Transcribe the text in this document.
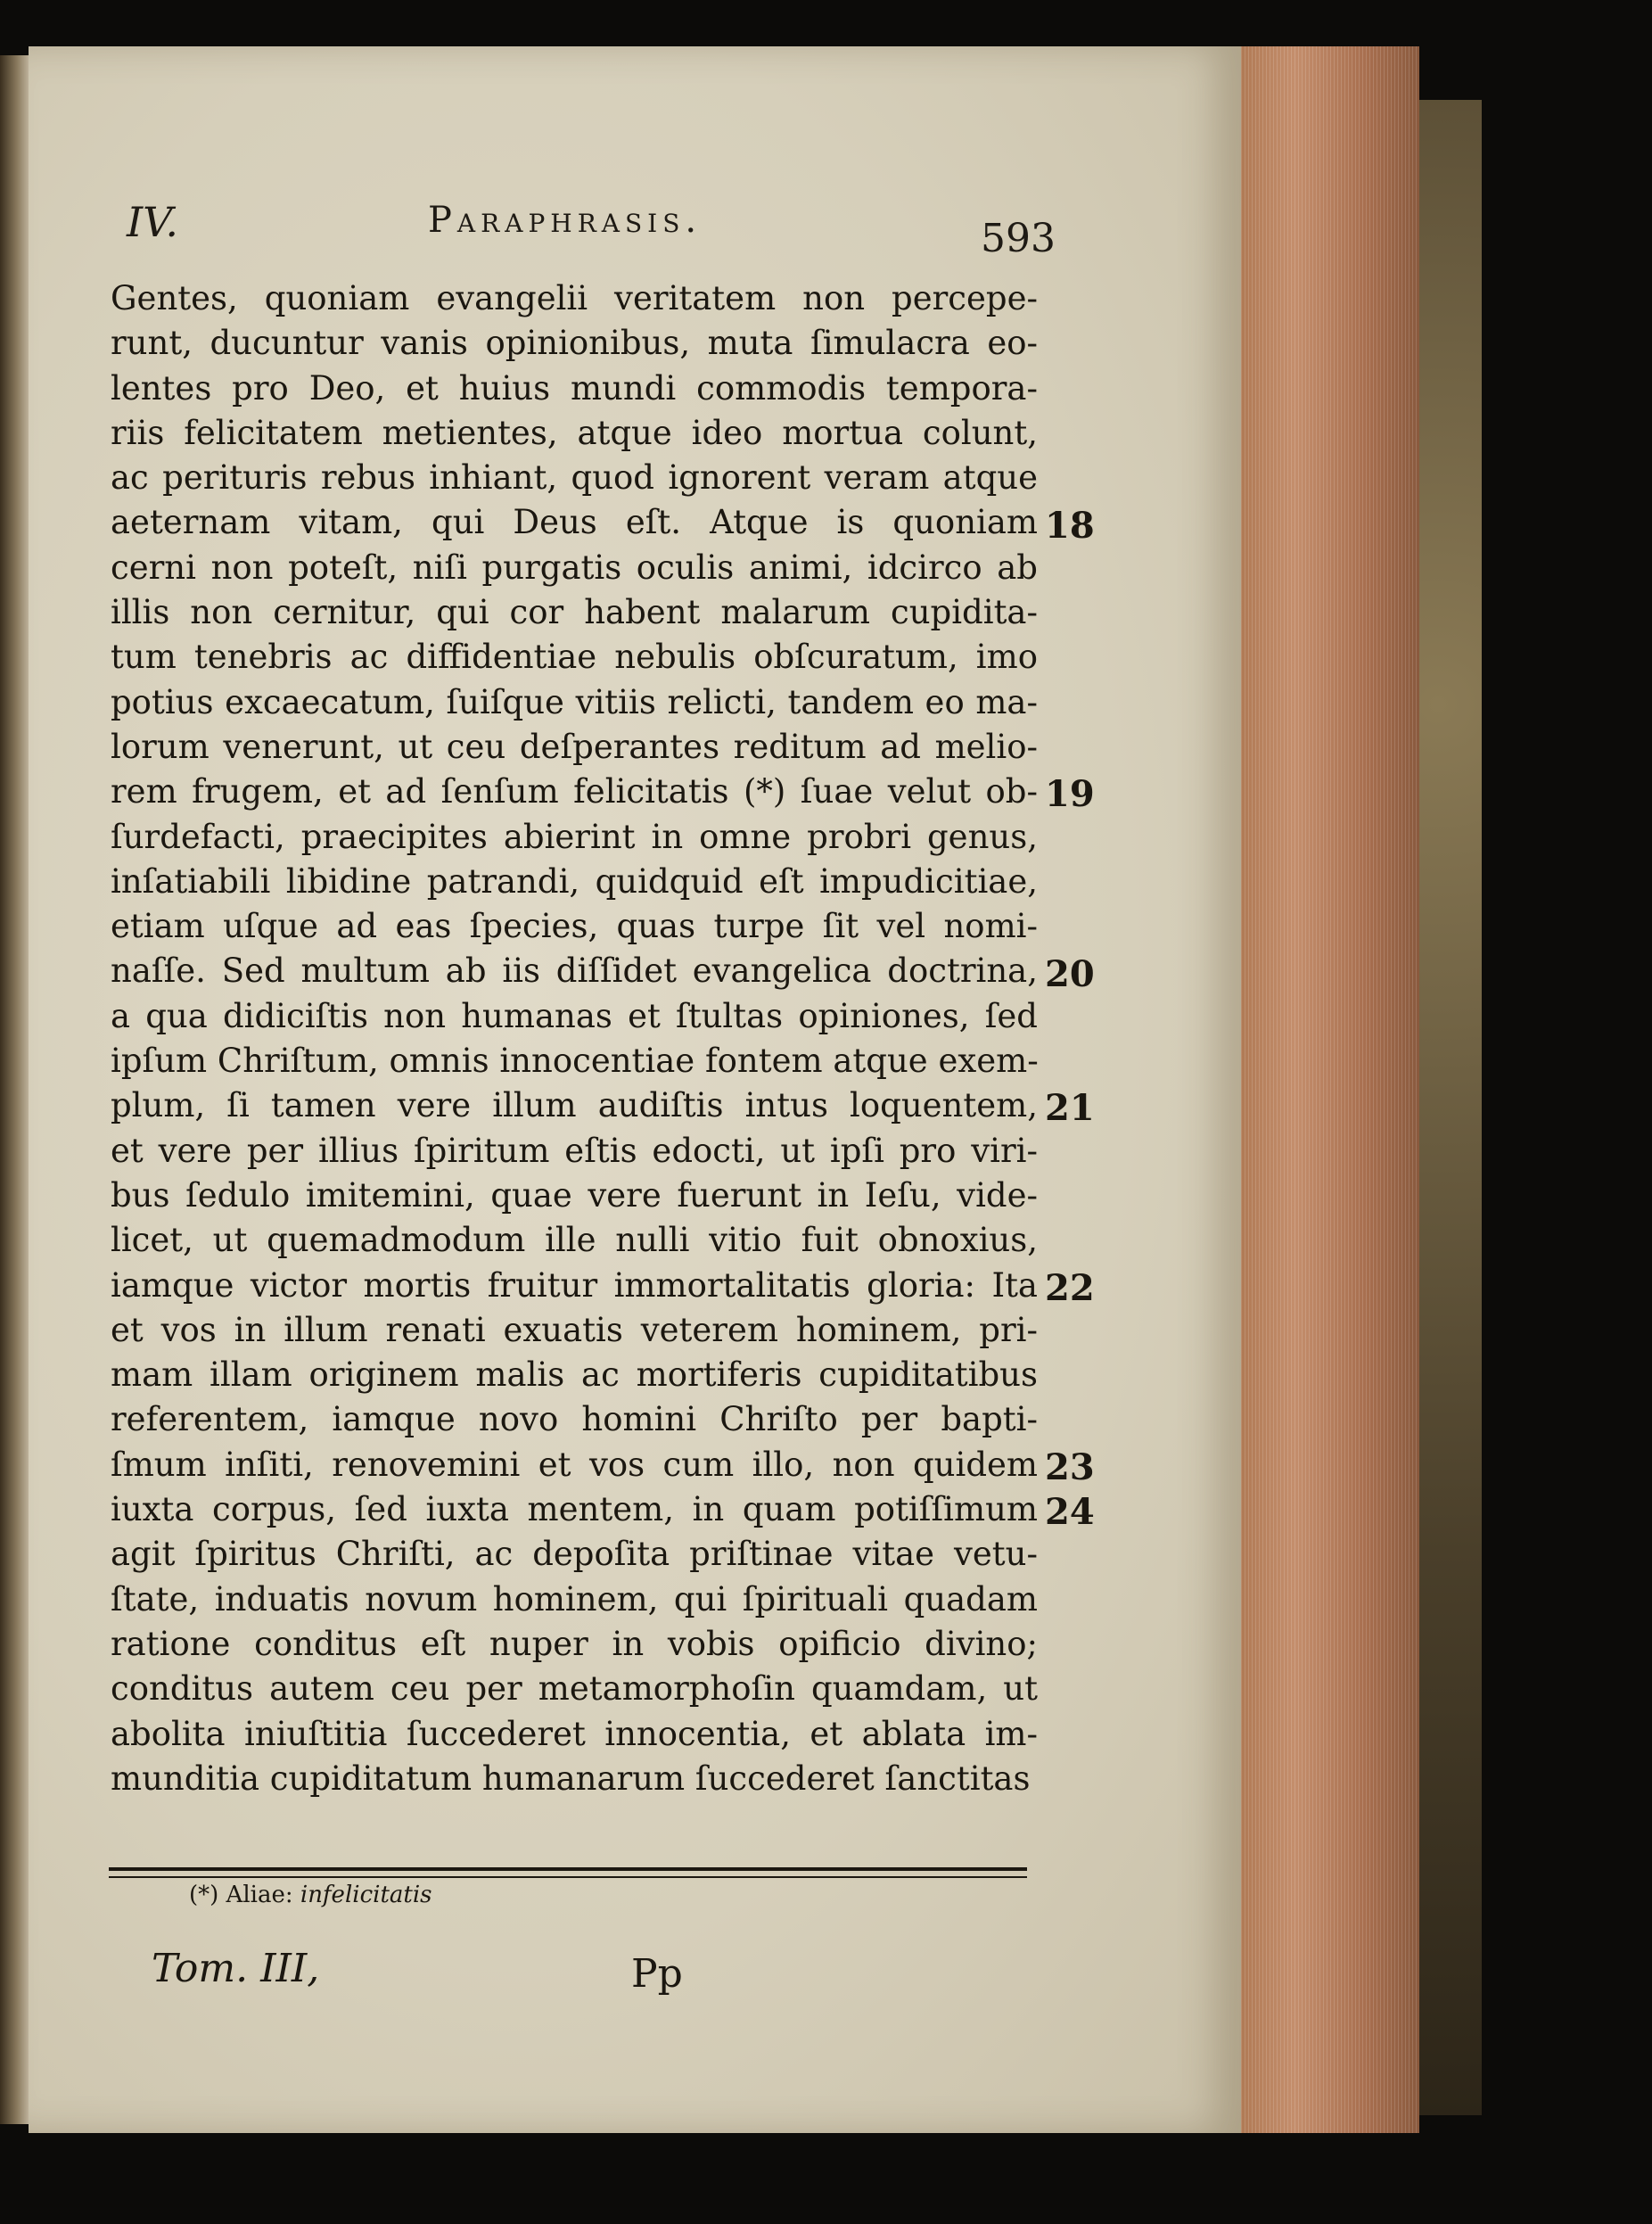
IV.	Paraphrasis.	593
Gentes, quoniam evangelii veritatem non percepe-
runt, ducuntur vanis opinionibus, muta ſimulacra eo-
lentes pro Deo, et huius mundi commodis tempora-
riis felicitatem metientes, atque ideo mortua colunt,
ac perituris rebus inhiant, quod ignorent veram atque
aeternam vitam, qui Deus eſt. Atque is quoniam
cerni non poteſt, niſi purgatis oculis animi, idcirco ab
illis non cernitur, qui cor habent malarum cupidita-
tum tenebris ac diffidentiae nebulis obſcuratum, imo
potius excaecatum, ſuiſque vitiis relicti, tandem eo ma-
lorum venerunt, ut ceu deſperantes reditum ad melio-
rem frugem, et ad ſenſum felicitatis (*) ſuae velut ob-
ſurdefacti, praecipites abierint in omne probri genus,
inſatiabili libidine patrandi, quidquid eſt impudicitiae,
etiam uſque ad eas ſpecies, quas turpe ſit vel nomi-
naſſe. Sed multum ab iis diſſidet evangelica doctrina,
a qua didiciſtis non humanas et ſtultas opiniones, ſed
ipſum Chriſtum, omnis innocentiae fontem atque exem-
plum, ſi tamen vere illum audiſtis intus loquentem,
et vere per illius ſpiritum eſtis edocti, ut ipſi pro viri-
bus ſedulo imitemini, quae vere fuerunt in Ieſu, vide-
licet, ut quemadmodum ille nulli vitio fuit obnoxius,
iamque victor mortis fruitur immortalitatis gloria: Ita
et vos in illum renati exuatis veterem hominem, pri-
mam illam originem malis ac mortiferis cupiditatibus
referentem, iamque novo homini Chriſto per bapti-
ſmum inſiti, renovemini et vos cum illo, non quidem
iuxta corpus, ſed iuxta mentem, in quam potiſſimum
agit ſpiritus Chriſti, ac depoſita priſtinae vitae vetu-
ſtate, induatis novum hominem, qui ſpirituali quadam
ratione conditus eſt nuper in vobis opificio divino;
conditus autem ceu per metamorphoſin quamdam, ut
abolita iniuſtitia ſuccederet innocentia, et ablata im-
munditia cupiditatum humanarum ſuccederet ſanctitas
18
19
20
21
22
23
24
(*) Aliae: infelicitatis
Tom. III,	Pp
